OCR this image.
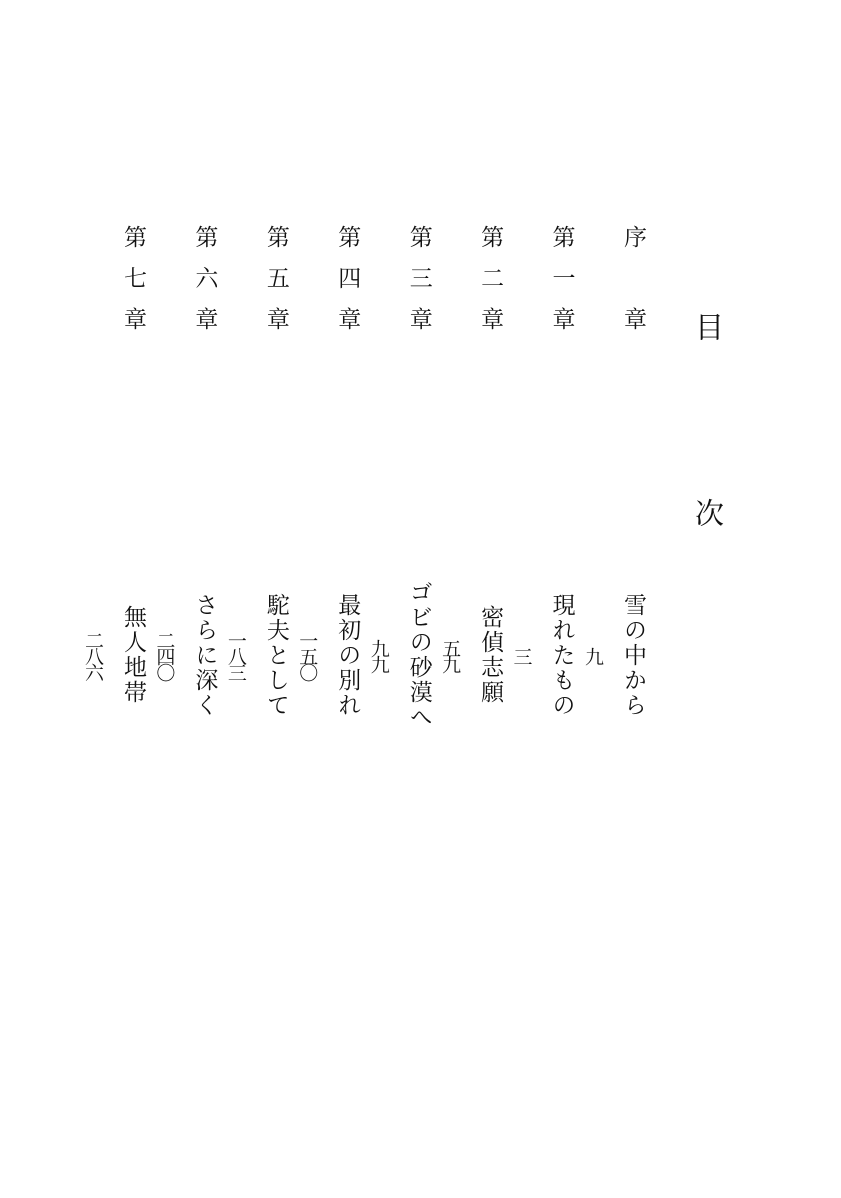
目　次
序　章
雪の中から
九
第一章
現れたもの
三
第二章
密偵志願
五九
第三章
ゴビの砂漠へ
九九
第四章
最初の別れ
一五〇
第五章
駝夫として
一八三
第六章
さらに深く
二四〇
第七章
無人地帯
二八六
